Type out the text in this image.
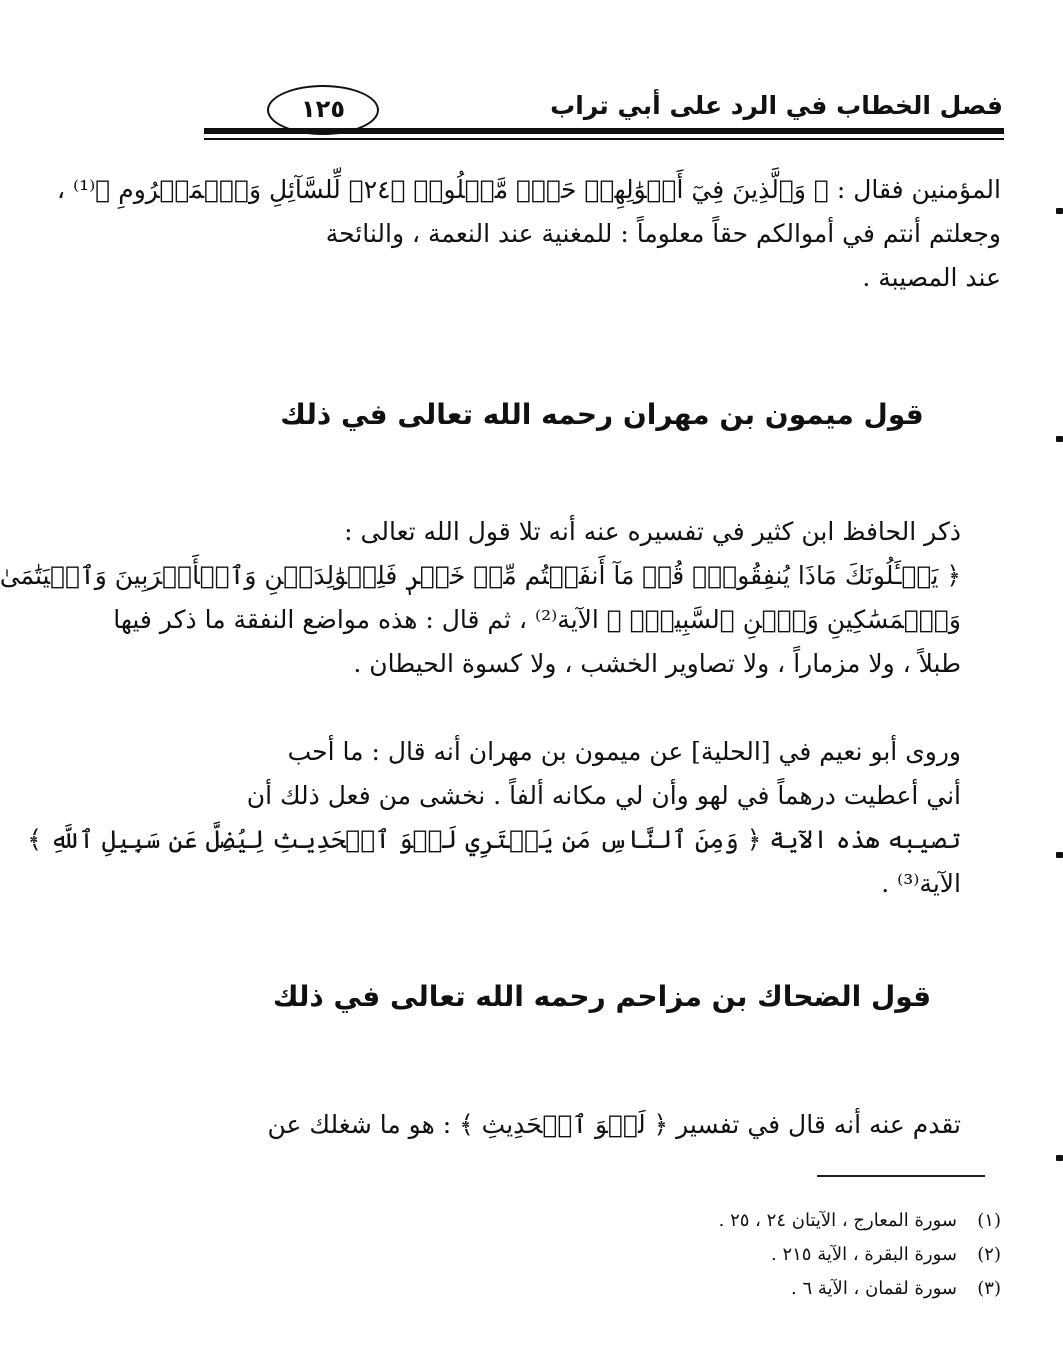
فصل الخطاب في الرد على أبي تراب
١٢٥

المؤمنين فقال : ﴿ وَٱلَّذِينَ فِيٓ أَمۡوَٰلِهِمۡ حَقّٞ مَّعۡلُومٞ ﴿٢٤﴾ لِّلسَّآئِلِ وَٱلۡمَحۡرُومِ ﴾⁽¹⁾ ،
وجعلتم أنتم في أموالكم حقاً معلوماً : للمغنية عند النعمة ، والنائحة
عند المصيبة .

قول ميمون بن مهران رحمه الله تعالى في ذلك

ذكر الحافظ ابن كثير في تفسيره عنه أنه تلا قول الله تعالى :
﴿ يَسۡـَٔلُونَكَ مَاذَا يُنفِقُونَۖ قُلۡ مَآ أَنفَقۡتُم مِّنۡ خَيۡرٖ فَلِلۡوَٰلِدَيۡنِ وَٱلۡأَقۡرَبِينَ وَٱلۡيَتَٰمَىٰ
وَٱلۡمَسَٰكِينِ وَٱبۡنِ ٱلسَّبِيلِۗ ﴾ الآية⁽²⁾ ، ثم قال : هذه مواضع النفقة ما ذكر فيها
طبلاً ، ولا مزماراً ، ولا تصاوير الخشب ، ولا كسوة الحيطان .

وروى أبو نعيم في [الحلية] عن ميمون بن مهران أنه قال : ما أحب
أني أعطيت درهماً في لهو وأن لي مكانه ألفاً . نخشى من فعل ذلك أن
تصيبه هذه الآية ﴿ وَمِنَ ٱلنَّاسِ مَن يَشۡتَرِي لَهۡوَ ٱلۡحَدِيثِ لِيُضِلَّ عَن سَبِيلِ ٱللَّهِ ﴾
الآية⁽³⁾ .

قول الضحاك بن مزاحم رحمه الله تعالى في ذلك

تقدم عنه أنه قال في تفسير ﴿ لَهۡوَ ٱلۡحَدِيثِ ﴾ : هو ما شغلك عن

(١)سورة المعارج ، الآيتان ٢٤ ، ٢٥ .
(٢)سورة البقرة ، الآية ٢١٥ .
(٣)سورة لقمان ، الآية ٦ .
